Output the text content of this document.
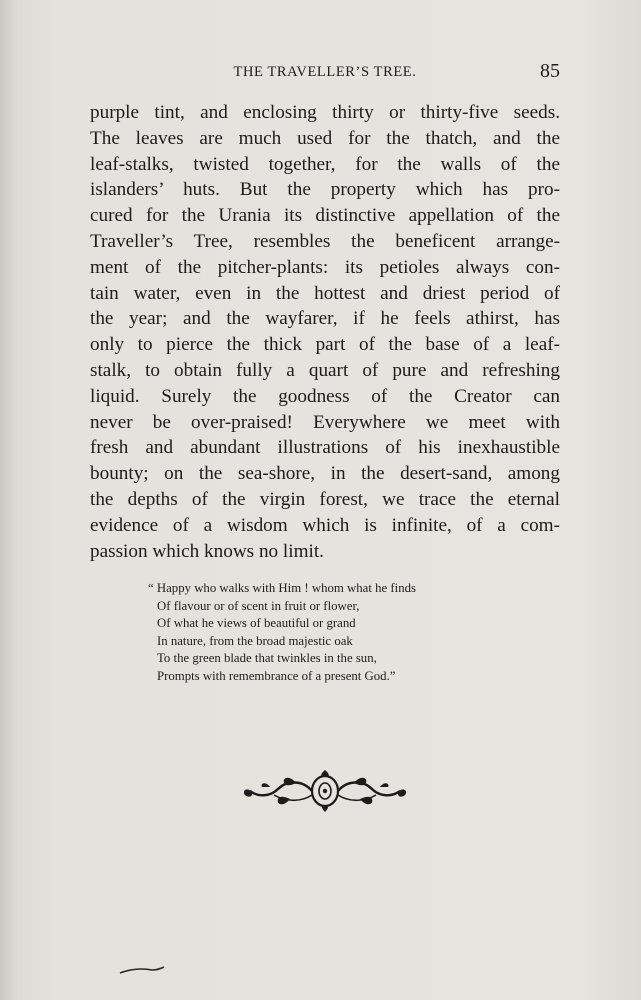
THE TRAVELLER’S TREE.	85
purple tint, and enclosing thirty or thirty-five seeds.
The leaves are much used for the thatch, and the
leaf-stalks, twisted together, for the walls of the
islanders’ huts. But the property which has pro-
cured for the Urania its distinctive appellation of the
Traveller’s Tree, resembles the beneficent arrange-
ment of the pitcher-plants: its petioles always con-
tain water, even in the hottest and driest period of
the year; and the wayfarer, if he feels athirst, has
only to pierce the thick part of the base of a leaf-
stalk, to obtain fully a quart of pure and refreshing
liquid. Surely the goodness of the Creator can
never be over-praised! Everywhere we meet with
fresh and abundant illustrations of his inexhaustible
bounty; on the sea-shore, in the desert-sand, among
the depths of the virgin forest, we trace the eternal
evidence of a wisdom which is infinite, of a com-
passion which knows no limit.
“ Happy who walks with Him ! whom what he finds
Of flavour or of scent in fruit or flower,
Of what he views of beautiful or grand
In nature, from the broad majestic oak
To the green blade that twinkles in the sun,
Prompts with remembrance of a present God.”
